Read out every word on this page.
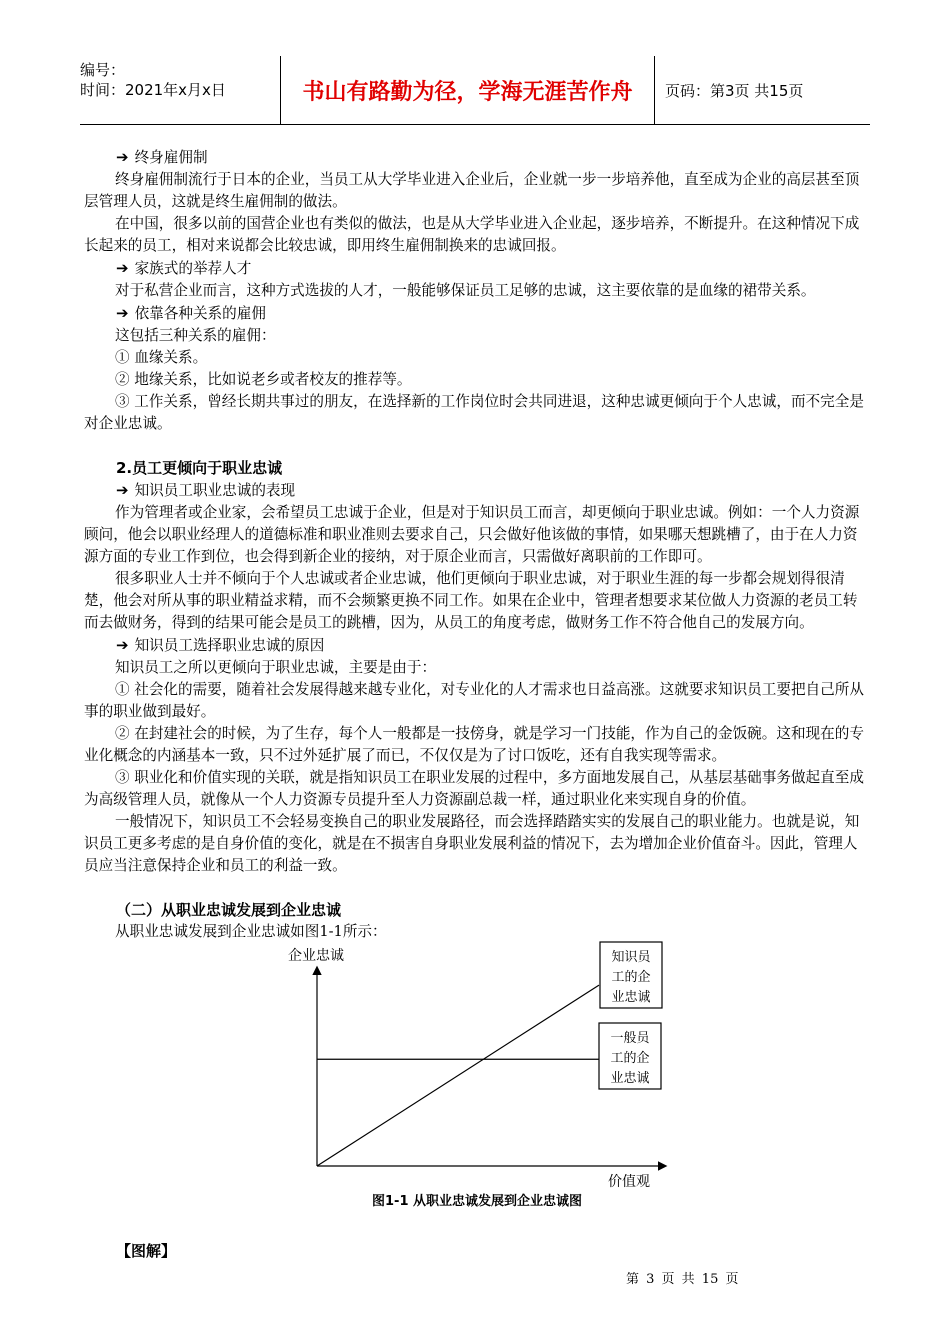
编号：
时间：2021年x月x日	书山有路勤为径，学海无涯苦作舟	页码：第3页 共15页

➔ 终身雇佣制

终身雇佣制流行于日本的企业，当员工从大学毕业进入企业后，企业就一步一步培养他，直至成为企业的高层甚至顶层管理人员，这就是终生雇佣制的做法。

在中国，很多以前的国营企业也有类似的做法，也是从大学毕业进入企业起，逐步培养，不断提升。在这种情况下成长起来的员工，相对来说都会比较忠诚，即用终生雇佣制换来的忠诚回报。

➔ 家族式的举荐人才

对于私营企业而言，这种方式选拔的人才，一般能够保证员工足够的忠诚，这主要依靠的是血缘的裙带关系。

➔ 依靠各种关系的雇佣

这包括三种关系的雇佣：

① 血缘关系。

② 地缘关系，比如说老乡或者校友的推荐等。

③ 工作关系，曾经长期共事过的朋友，在选择新的工作岗位时会共同进退，这种忠诚更倾向于个人忠诚，而不完全是对企业忠诚。

2.员工更倾向于职业忠诚

➔ 知识员工职业忠诚的表现

作为管理者或企业家，会希望员工忠诚于企业，但是对于知识员工而言，却更倾向于职业忠诚。例如：一个人力资源顾问，他会以职业经理人的道德标准和职业准则去要求自己，只会做好他该做的事情，如果哪天想跳槽了，由于在人力资源方面的专业工作到位，也会得到新企业的接纳，对于原企业而言，只需做好离职前的工作即可。

很多职业人士并不倾向于个人忠诚或者企业忠诚，他们更倾向于职业忠诚，对于职业生涯的每一步都会规划得很清楚，他会对所从事的职业精益求精，而不会频繁更换不同工作。如果在企业中，管理者想要求某位做人力资源的老员工转而去做财务，得到的结果可能会是员工的跳槽，因为，从员工的角度考虑，做财务工作不符合他自己的发展方向。

➔ 知识员工选择职业忠诚的原因

知识员工之所以更倾向于职业忠诚，主要是由于：

① 社会化的需要，随着社会发展得越来越专业化，对专业化的人才需求也日益高涨。这就要求知识员工要把自己所从事的职业做到最好。

② 在封建社会的时候，为了生存，每个人一般都是一技傍身，就是学习一门技能，作为自己的金饭碗。这和现在的专业化概念的内涵基本一致，只不过外延扩展了而已，不仅仅是为了讨口饭吃，还有自我实现等需求。

③ 职业化和价值实现的关联，就是指知识员工在职业发展的过程中，多方面地发展自己，从基层基础事务做起直至成为高级管理人员，就像从一个人力资源专员提升至人力资源副总裁一样，通过职业化来实现自身的价值。

一般情况下，知识员工不会轻易变换自己的职业发展路径，而会选择踏踏实实的发展自己的职业能力。也就是说，知识员工更多考虑的是自身价值的变化，就是在不损害自身职业发展利益的情况下，去为增加企业价值奋斗。因此，管理人员应当注意保持企业和员工的利益一致。

（二）从职业忠诚发展到企业忠诚

从职业忠诚发展到企业忠诚如图1-1所示：

企业忠诚
价值观
知识员
工的企
业忠诚
一般员
工的企
业忠诚
图1-1 从职业忠诚发展到企业忠诚图
【图解】
第 3 页 共 15 页
